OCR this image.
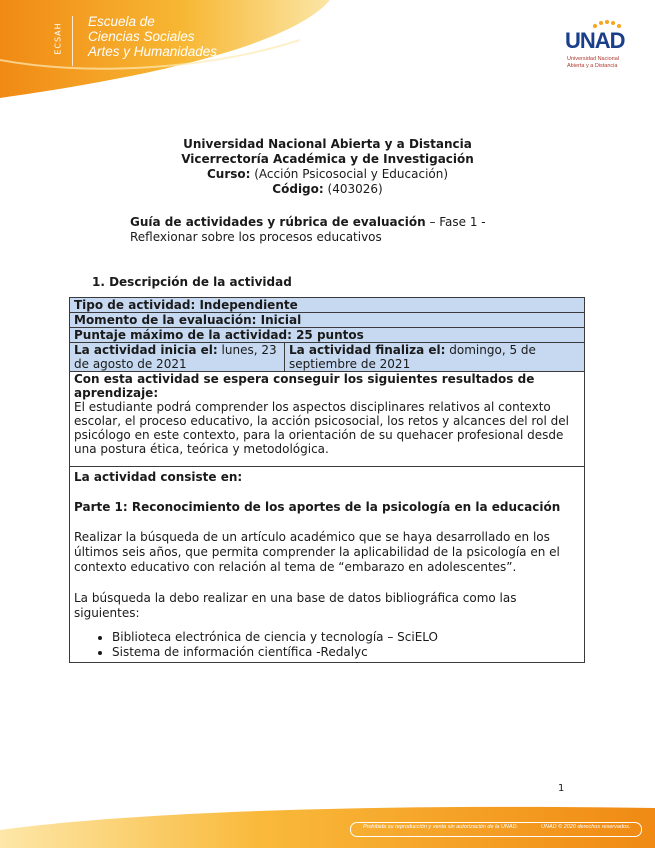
ECSAH
Escuela de
Ciencias Sociales
Artes y Humanidades	UNAD
Universidad Nacional
Abierta y a Distancia
Universidad Nacional Abierta y a Distancia
Vicerrectoría Académica y de Investigación
Curso: (Acción Psicosocial y Educación)
Código: (403026)
Guía de actividades y rúbrica de evaluación – Fase 1 -
Reflexionar sobre los procesos educativos
1. Descripción de la actividad
Tipo de actividad: Independiente
Momento de la evaluación: Inicial
Puntaje máximo de la actividad: 25 puntos
La actividad inicia el: lunes, 23 de agosto de 2021	La actividad finaliza el: domingo, 5 de septiembre de 2021

Con esta actividad se espera conseguir los siguientes resultados de aprendizaje:

El estudiante podrá comprender los aspectos disciplinares relativos al contexto escolar, el proceso educativo, la acción psicosocial, los retos y alcances del rol del psicólogo en este contexto, para la orientación de su quehacer profesional desde una postura ética, teórica y metodológica.

La actividad consiste en:

Parte 1: Reconocimiento de los aportes de la psicología en la educación

Realizar la búsqueda de un artículo académico que se haya desarrollado en los últimos seis años, que permita comprender la aplicabilidad de la psicología en el contexto educativo con relación al tema de “embarazo en adolescentes”.

La búsqueda la debo realizar en una base de datos bibliográfica como las siguientes:

• Biblioteca electrónica de ciencia y tecnología – SciELO
• Sistema de información científica -Redalyc
1
Prohibida su reproducción y venta sin autorización de la UNAD.	UNAD © 2020 derechos reservados.
